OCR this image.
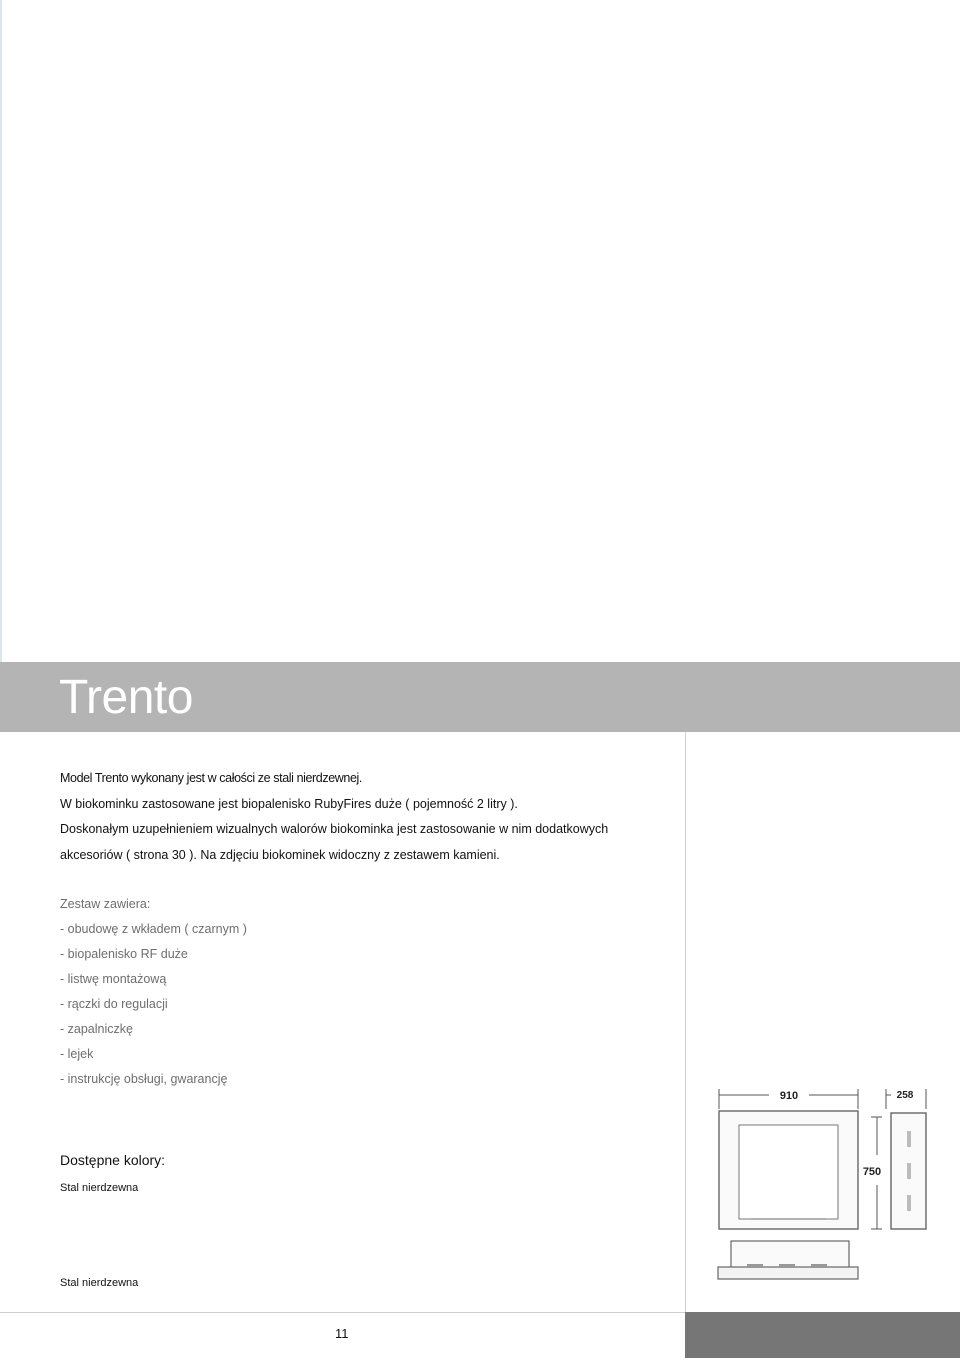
Trento

Model Trento wykonany jest w całości ze stali nierdzewnej.

W biokominku zastosowane jest biopalenisko RubyFires duże ( pojemność 2 litry ).

Doskonałym uzupełnieniem wizualnych walorów biokominka jest zastosowanie w nim dodatkowych

akcesoriów ( strona 30 ). Na zdjęciu biokominek widoczny z zestawem kamieni.

Zestaw zawiera:

- obudowę z wkładem ( czarnym )

- biopalenisko RF duże

- listwę montażową

- rączki do regulacji

- zapalniczkę

- lejek

- instrukcję obsługi, gwarancję

Dostępne kolory:
Stal nierdzewna
Stal nierdzewna
910	258
750
11
